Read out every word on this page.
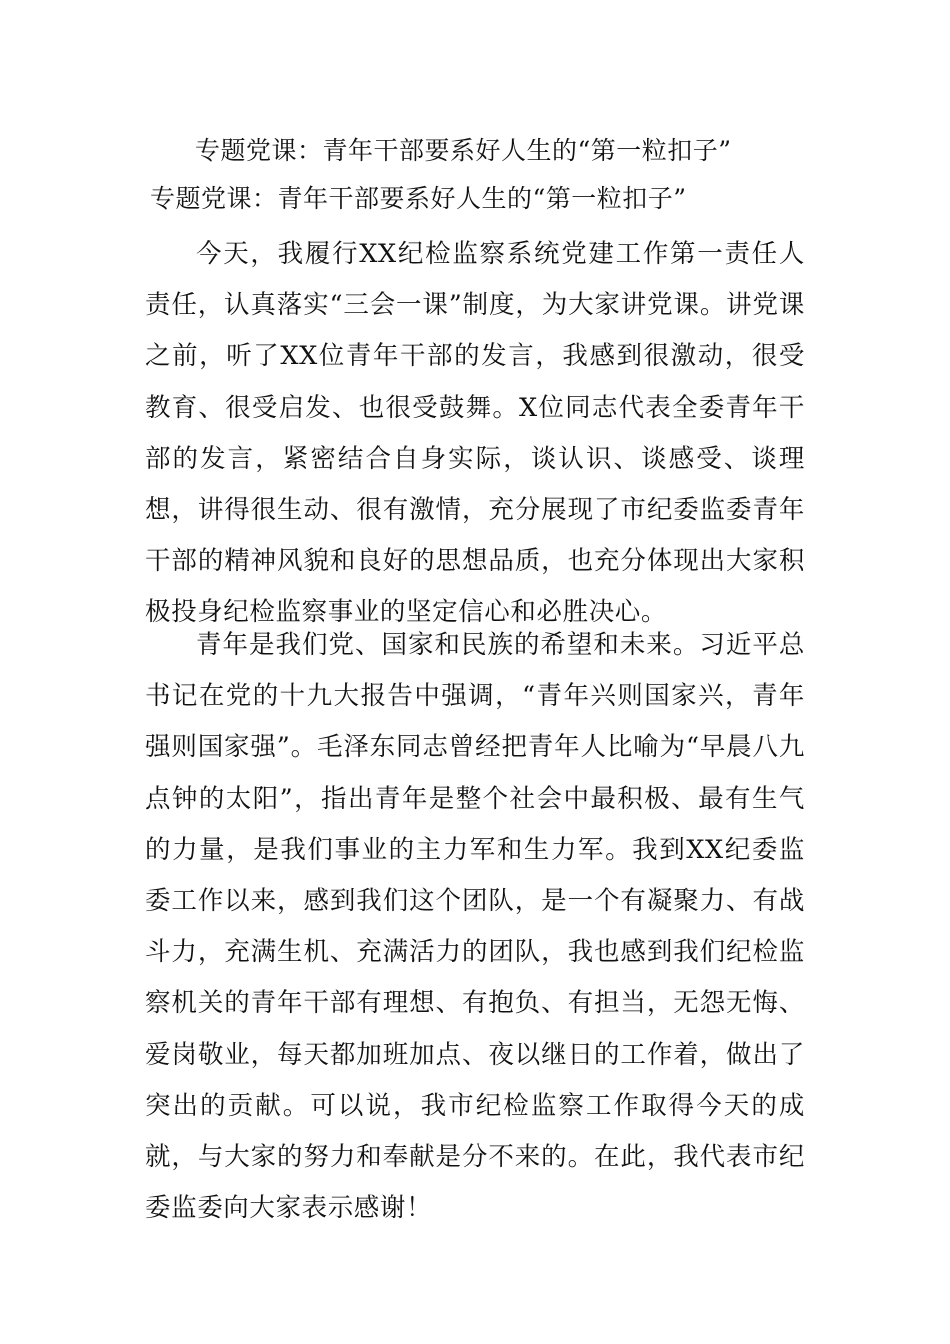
专题党课：青年干部要系好人生的“第一粒扣子”
专题党课：青年干部要系好人生的“第一粒扣子”

今天，我履行XX纪检监察系统党建工作第一责任人责任，认真落实“三会一课”制度，为大家讲党课。讲党课之前，听了XX位青年干部的发言，我感到很激动，很受教育、很受启发、也很受鼓舞。X位同志代表全委青年干部的发言，紧密结合自身实际，谈认识、谈感受、谈理想，讲得很生动、很有激情，充分展现了市纪委监委青年干部的精神风貌和良好的思想品质，也充分体现出大家积极投身纪检监察事业的坚定信心和必胜决心。

青年是我们党、国家和民族的希望和未来。习近平总书记在党的十九大报告中强调，“青年兴则国家兴，青年强则国家强”。毛泽东同志曾经把青年人比喻为“早晨八九点钟的太阳”，指出青年是整个社会中最积极、最有生气的力量，是我们事业的主力军和生力军。我到XX纪委监委工作以来，感到我们这个团队，是一个有凝聚力、有战斗力，充满生机、充满活力的团队，我也感到我们纪检监察机关的青年干部有理想、有抱负、有担当，无怨无悔、爱岗敬业，每天都加班加点、夜以继日的工作着，做出了突出的贡献。可以说，我市纪检监察工作取得今天的成就，与大家的努力和奉献是分不来的。在此，我代表市纪委监委向大家表示感谢！
